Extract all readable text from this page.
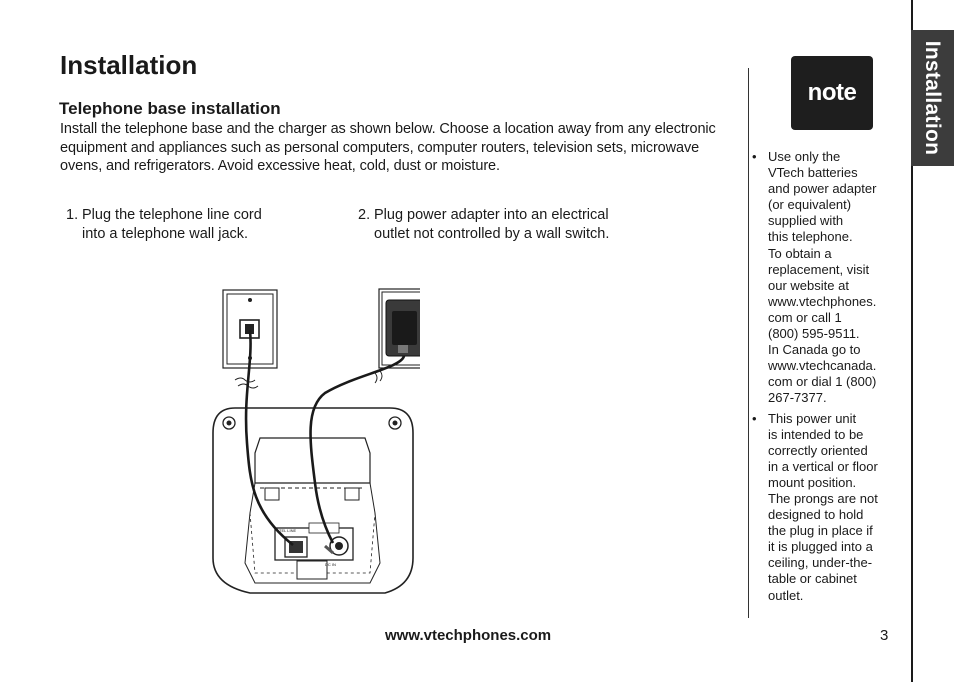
Installation
Telephone base installation

Install the telephone base and the charger as shown below. Choose a location away from any electronic equipment and appliances such as personal computers, computer routers, television sets, microwave ovens, and refrigerators. Avoid excessive heat, cold, dust or moisture.

1. Plug the telephone line cord
into a telephone wall jack.
2. Plug power adapter into an electrical
outlet not controlled by a wall switch.
TEL LINE
DC IN
note
• Use only the
VTech batteries
and power adapter
(or equivalent)
supplied with
this telephone.
To obtain a
replacement, visit
our website at
www.vtechphones.
com or call 1
(800) 595-9511.
In Canada go to
www.vtechcanada.
com or dial 1 (800)
267-7377.
• This power unit
is intended to be
correctly oriented
in a vertical or floor
mount position.
The prongs are not
designed to hold
the plug in place if
it is plugged into a
ceiling, under-the-
table or cabinet
outlet.
Installation
www.vtechphones.com	3
